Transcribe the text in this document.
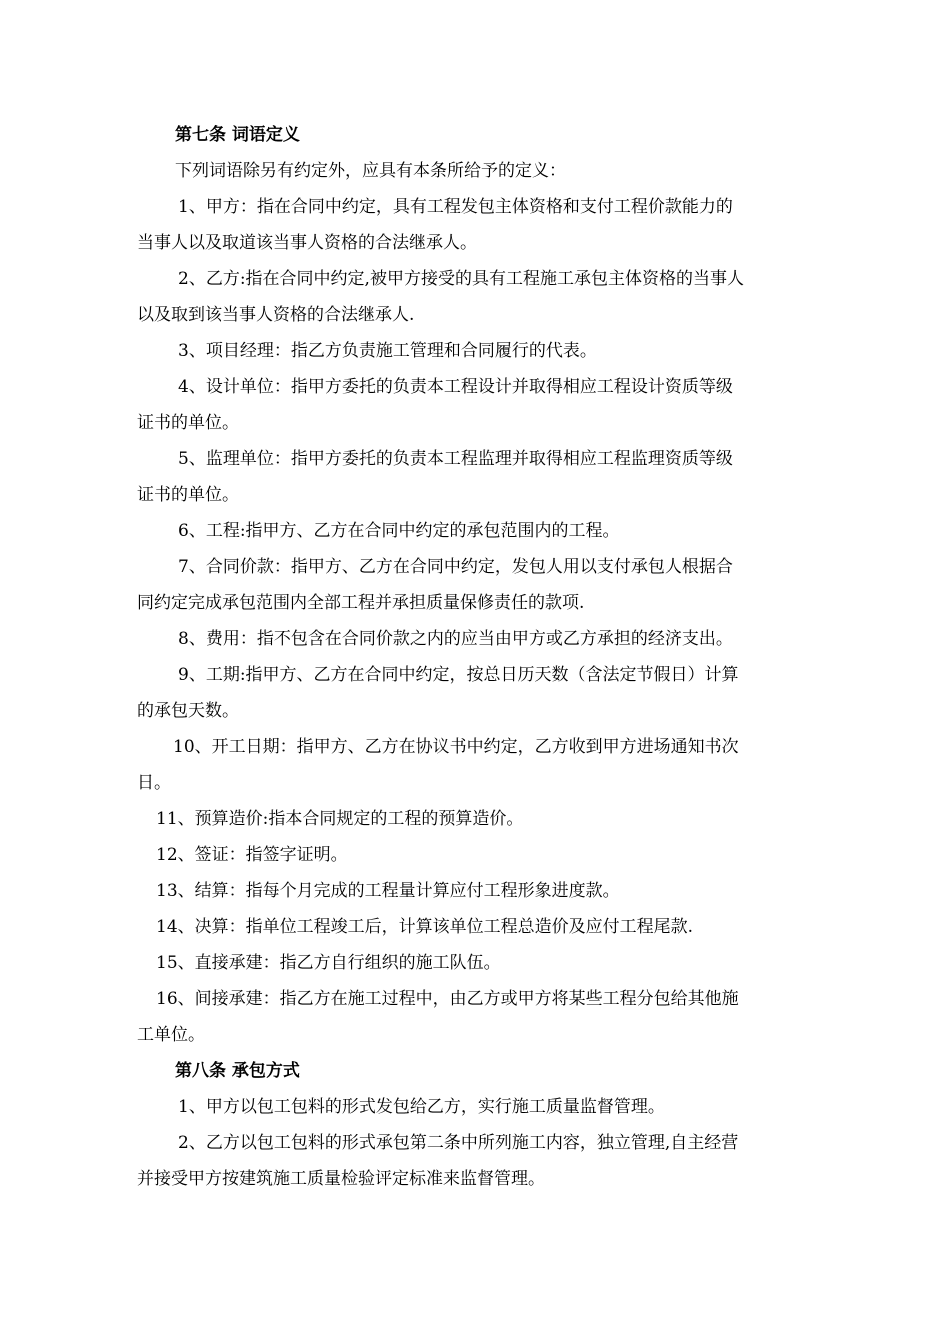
第七条 词语定义
下列词语除另有约定外，应具有本条所给予的定义：
1、甲方：指在合同中约定，具有工程发包主体资格和支付工程价款能力的
当事人以及取道该当事人资格的合法继承人。
2、乙方:指在合同中约定,被甲方接受的具有工程施工承包主体资格的当事人
以及取到该当事人资格的合法继承人.
3、项目经理：指乙方负责施工管理和合同履行的代表。
4、设计单位：指甲方委托的负责本工程设计并取得相应工程设计资质等级
证书的单位。
5、监理单位：指甲方委托的负责本工程监理并取得相应工程监理资质等级
证书的单位。
6、工程:指甲方、乙方在合同中约定的承包范围内的工程。
7、合同价款：指甲方、乙方在合同中约定，发包人用以支付承包人根据合
同约定完成承包范围内全部工程并承担质量保修责任的款项.
8、费用：指不包含在合同价款之内的应当由甲方或乙方承担的经济支出。
9、工期:指甲方、乙方在合同中约定，按总日历天数（含法定节假日）计算
的承包天数。
10、开工日期：指甲方、乙方在协议书中约定，乙方收到甲方进场通知书次
日。
11、预算造价:指本合同规定的工程的预算造价。
12、签证：指签字证明。
13、结算：指每个月完成的工程量计算应付工程形象进度款。
14、决算：指单位工程竣工后，计算该单位工程总造价及应付工程尾款.
15、直接承建：指乙方自行组织的施工队伍。
16、间接承建：指乙方在施工过程中，由乙方或甲方将某些工程分包给其他施
工单位。
第八条 承包方式
1、甲方以包工包料的形式发包给乙方，实行施工质量监督管理。
2、乙方以包工包料的形式承包第二条中所列施工内容，独立管理,自主经营
并接受甲方按建筑施工质量检验评定标准来监督管理。
